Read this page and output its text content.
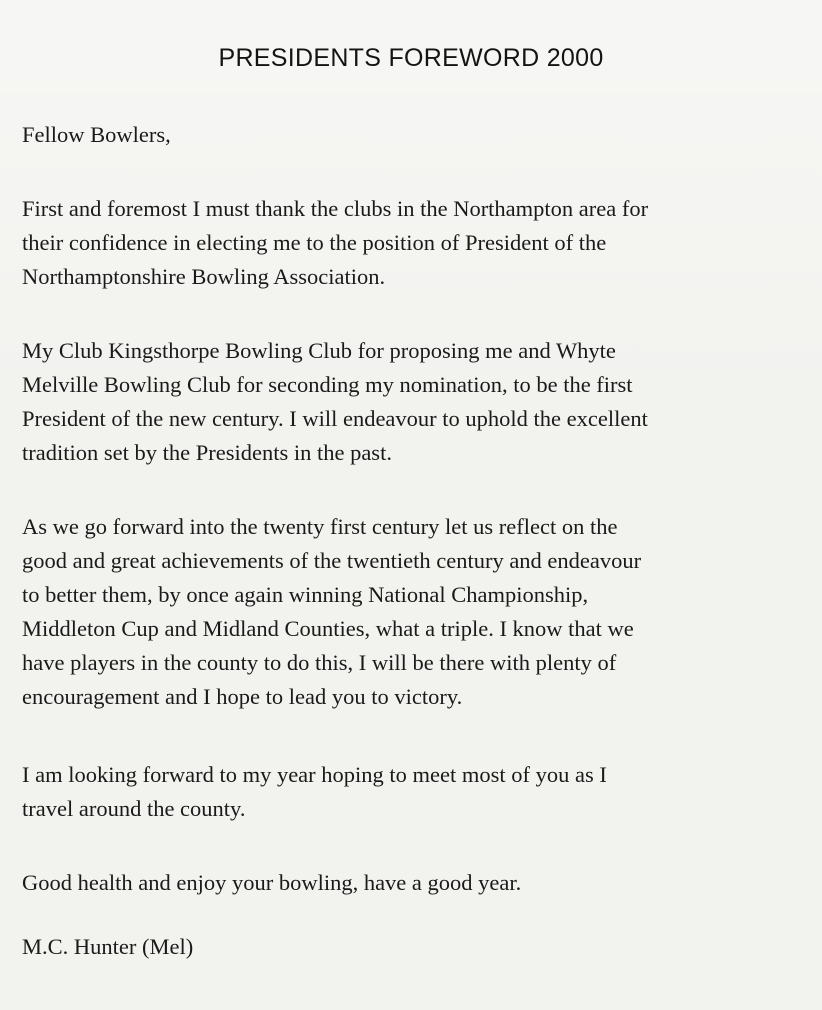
PRESIDENTS FOREWORD 2000

Fellow Bowlers,

First and foremost I must thank the clubs in the Northampton area for
their confidence in electing me to the position of President of the
Northamptonshire Bowling Association.

My Club Kingsthorpe Bowling Club for proposing me and Whyte
Melville Bowling Club for seconding my nomination, to be the first
President of the new century. I will endeavour to uphold the excellent
tradition set by the Presidents in the past.

As we go forward into the twenty first century let us reflect on the
good and great achievements of the twentieth century and endeavour
to better them, by once again winning National Championship,
Middleton Cup and Midland Counties, what a triple. I know that we
have players in the county to do this, I will be there with plenty of
encouragement and I hope to lead you to victory.

I am looking forward to my year hoping to meet most of you as I
travel around the county.

Good health and enjoy your bowling, have a good year.

M.C. Hunter (Mel)
